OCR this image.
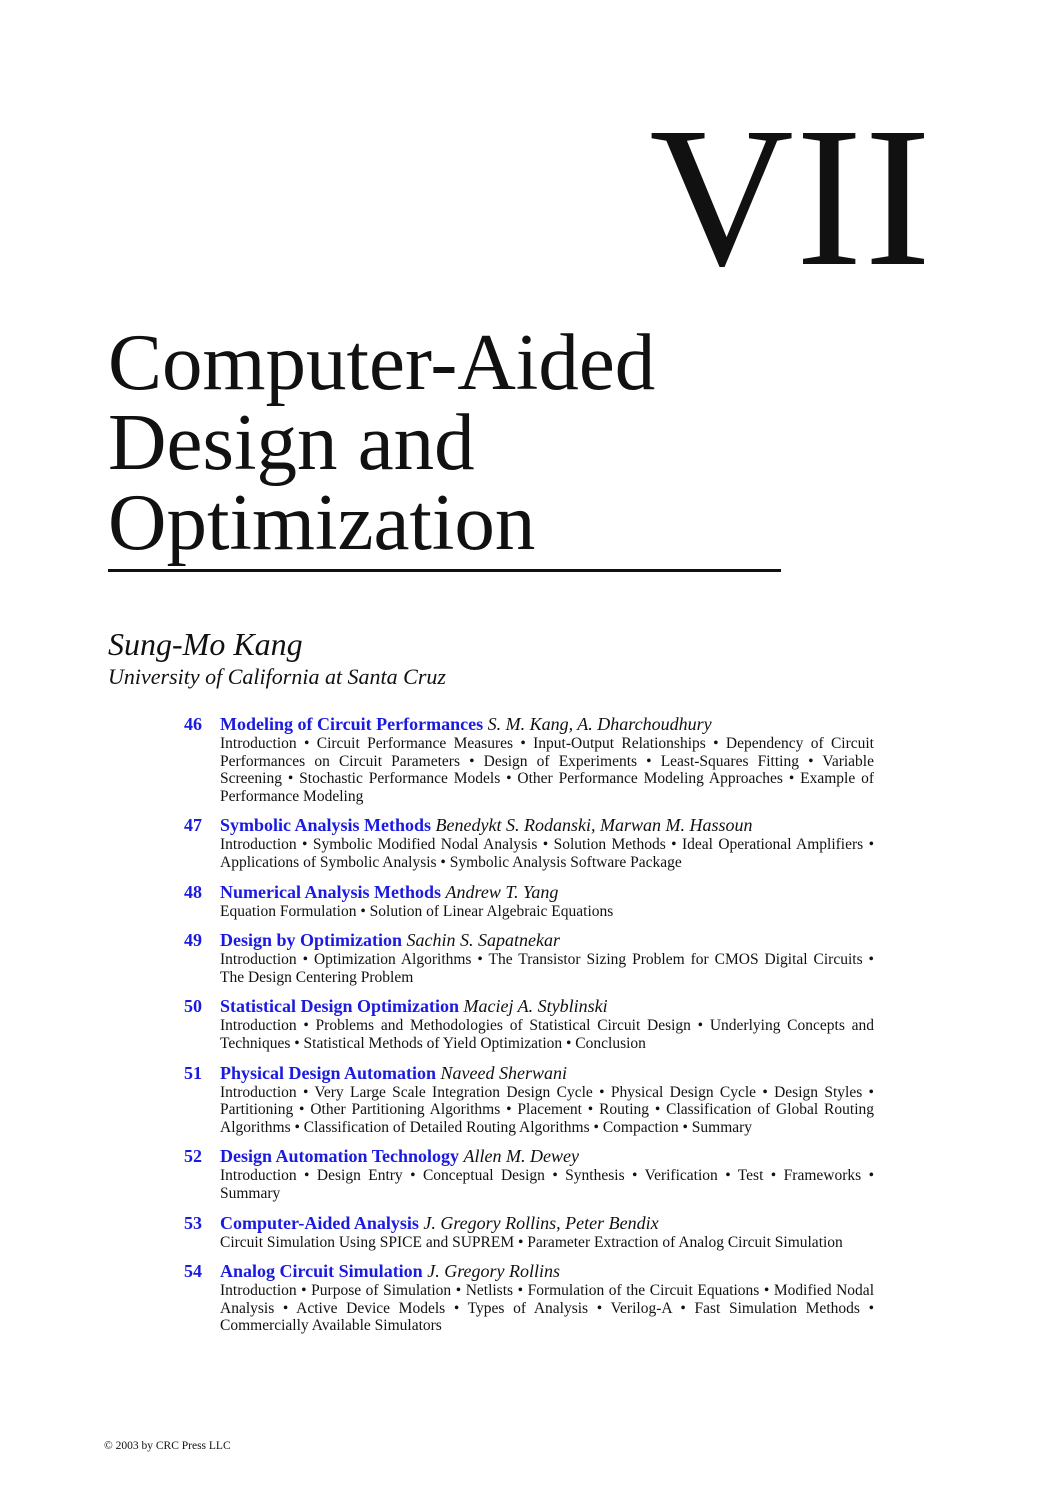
VII
Computer-Aided
Design and
Optimization
Sung-Mo Kang
University of California at Santa Cruz
46 Modeling of Circuit Performances S. M. Kang, A. Dharchoudhury
Introduction • Circuit Performance Measures • Input-Output Relationships • Dependency of Circuit Performances on Circuit Parameters • Design of Experiments • Least-Squares Fitting • Variable Screening • Stochastic Performance Models • Other Performance Modeling Approaches • Example of Performance Modeling
47 Symbolic Analysis Methods Benedykt S. Rodanski, Marwan M. Hassoun
Introduction • Symbolic Modified Nodal Analysis • Solution Methods • Ideal Operational Amplifiers • Applications of Symbolic Analysis • Symbolic Analysis Software Package
48 Numerical Analysis Methods Andrew T. Yang
Equation Formulation • Solution of Linear Algebraic Equations
49 Design by Optimization Sachin S. Sapatnekar
Introduction • Optimization Algorithms • The Transistor Sizing Problem for CMOS Digital Circuits • The Design Centering Problem
50 Statistical Design Optimization Maciej A. Styblinski
Introduction • Problems and Methodologies of Statistical Circuit Design • Underlying Concepts and Techniques • Statistical Methods of Yield Optimization • Conclusion
51 Physical Design Automation Naveed Sherwani
Introduction • Very Large Scale Integration Design Cycle • Physical Design Cycle • Design Styles • Partitioning • Other Partitioning Algorithms • Placement • Routing • Classification of Global Routing Algorithms • Classification of Detailed Routing Algorithms • Compaction • Summary
52 Design Automation Technology Allen M. Dewey
Introduction • Design Entry • Conceptual Design • Synthesis • Verification • Test • Frameworks • Summary
53 Computer-Aided Analysis J. Gregory Rollins, Peter Bendix
Circuit Simulation Using SPICE and SUPREM • Parameter Extraction of Analog Circuit Simulation
54 Analog Circuit Simulation J. Gregory Rollins
Introduction • Purpose of Simulation • Netlists • Formulation of the Circuit Equations • Modified Nodal Analysis • Active Device Models • Types of Analysis • Verilog-A • Fast Simulation Methods • Commercially Available Simulators
© 2003 by CRC Press LLC
